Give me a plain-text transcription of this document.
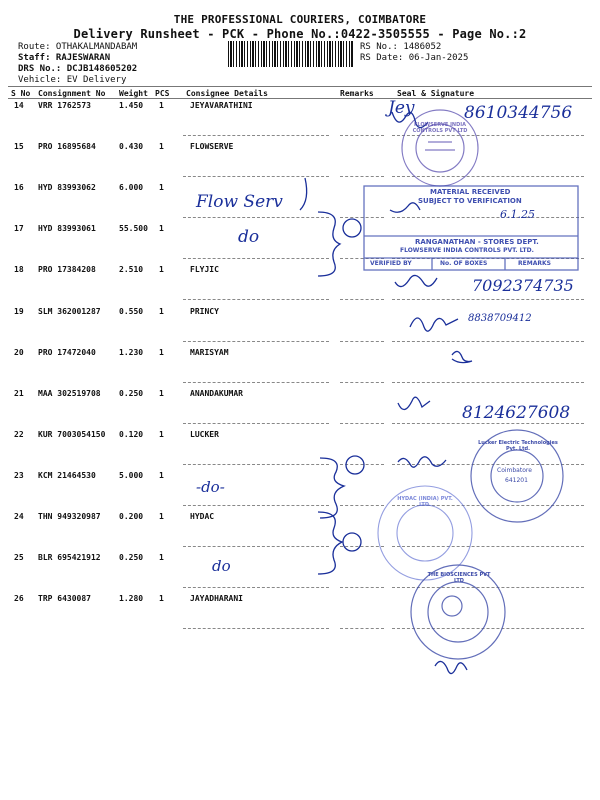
THE PROFESSIONAL COURIERS, COIMBATORE
Delivery Runsheet - PCK - Phone No.:0422-3505555 - Page No.:2
Route: OTHAKALMANDABAM
Staff: RAJESWARAN
DRS No.: DCJB148605202
Vehicle: EV Delivery
RS No.: 1486052
RS Date: 06-Jan-2025
S No Consignment No Weight PCS Consignee Details	Remarks	Seal & Signature
14 VRR 1762573	1.450 1	JEYAVARATHINI
15 PRO 16895684	0.430 1	FLOWSERVE
16 HYD 83993062	6.000 1
17 HYD 83993061	55.500 1
18 PRO 17384208	2.510 1	FLYJIC
19 SLM 362001287 0.550 1	PRINCY
20 PRO 17472040	1.230 1	MARISYAM
21 MAA 302519708 0.250 1	ANANDAKUMAR
22 KUR 7003054150 0.120 1	LUCKER
23 KCM 21464530	5.000 1
24 THN 949320987 0.200 1	HYDAC
25 BLR 695421912 0.250 1
26 TRP 6430087	1.280 1	JAYADHARANI
Jey	8610344756
Flow Serv
do
7092374735
8838709412
8124627608
-do-
do
FLOWSERVE INDIA CONTROLS PVT LTD
MATERIAL RECEIVED
SUBJECT TO VERIFICATION
6.1.25
RANGANATHAN - STORES DEPT.
FLOWSERVE INDIA CONTROLS PVT. LTD.
VERIFIED BY	No. OF BOXES	REMARKS
Lucker Electric Technologies Pvt. Ltd.
Coimbatore
641201
HYDAC (INDIA) PVT. LTD.
THE BIOSCIENCES PVT LTD
